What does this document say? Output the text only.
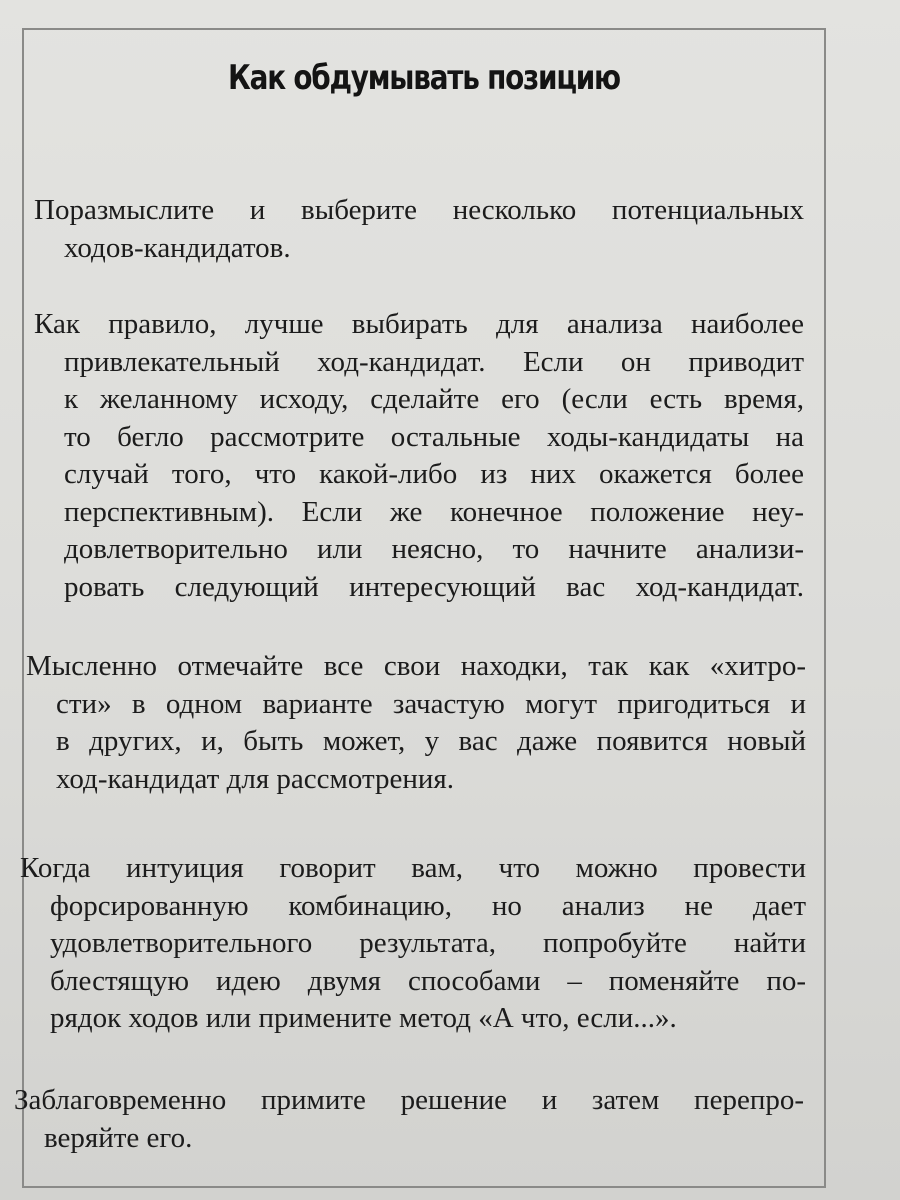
Как обдумывать позицию
Поразмыслите и выберите несколько потенциальных
ходов-кандидатов.
Как правило, лучше выбирать для анализа наиболее
привлекательный ход-кандидат. Если он приводит
к желанному исходу, сделайте его (если есть время,
то бегло рассмотрите остальные ходы-кандидаты на
случай того, что какой-либо из них окажется более
перспективным). Если же конечное положение неу-
довлетворительно или неясно, то начните анализи-
ровать следующий интересующий вас ход-кандидат.
Мысленно отмечайте все свои находки, так как «хитро-
сти» в одном варианте зачастую могут пригодиться и
в других, и, быть может, у вас даже появится новый
ход-кандидат для рассмотрения.
Когда интуиция говорит вам, что можно провести
форсированную комбинацию, но анализ не дает
удовлетворительного результата, попробуйте найти
блестящую идею двумя способами – поменяйте по-
рядок ходов или примените метод «А что, если...».
Заблаговременно примите решение и затем перепро-
веряйте его.
